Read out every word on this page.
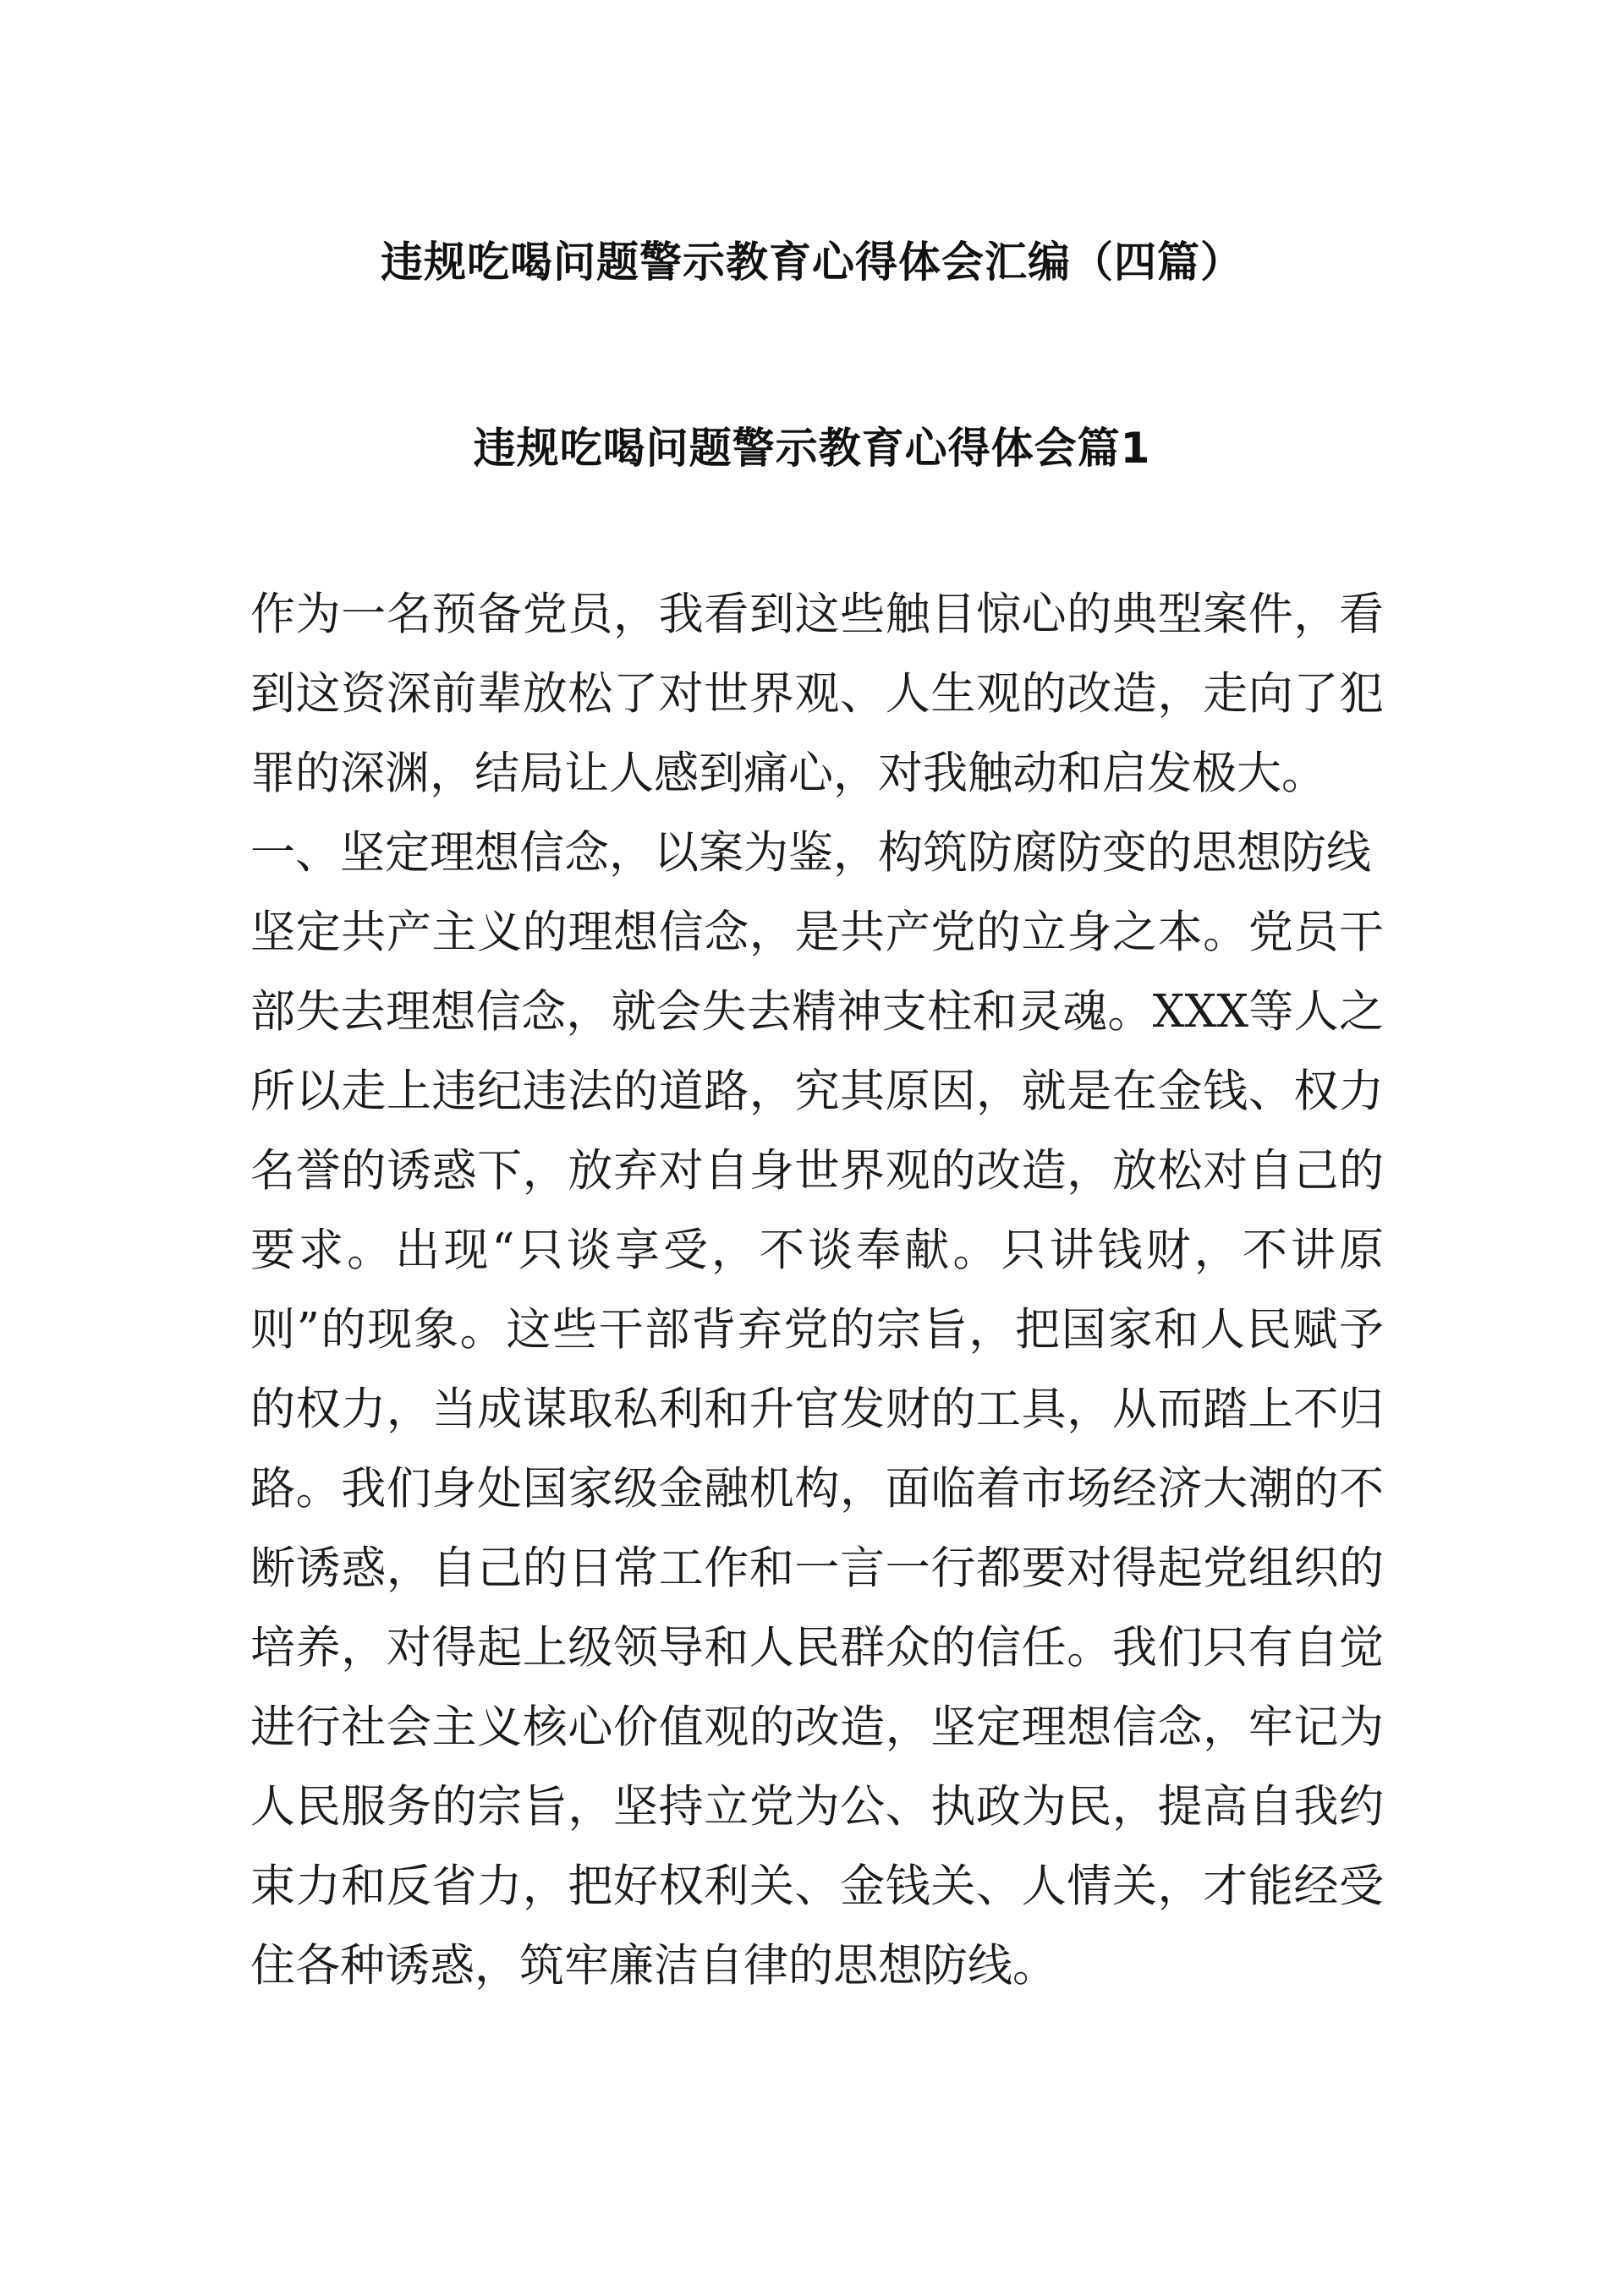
违规吃喝问题警示教育心得体会汇编（四篇）
违规吃喝问题警示教育心得体会篇1

作为一名预备党员，我看到这些触目惊心的典型案件，看到这资深前辈放松了对世界观、人生观的改造，走向了犯罪的深渊，结局让人感到痛心，对我触动和启发极大。

一、坚定理想信念，以案为鉴，构筑防腐防变的思想防线

坚定共产主义的理想信念，是共产党的立身之本。党员干部失去理想信念，就会失去精神支柱和灵魂。XXX等人之所以走上违纪违法的道路，究其原因，就是在金钱、权力名誉的诱惑下，放弃对自身世界观的改造，放松对自己的要求。出现“只谈享受，不谈奉献。只讲钱财，不讲原则”的现象。这些干部背弃党的宗旨，把国家和人民赋予的权力，当成谋取私利和升官发财的工具，从而踏上不归路。我们身处国家级金融机构，面临着市场经济大潮的不断诱惑，自己的日常工作和一言一行都要对得起党组织的培养，对得起上级领导和人民群众的信任。我们只有自觉进行社会主义核心价值观的改造，坚定理想信念，牢记为人民服务的宗旨，坚持立党为公、执政为民，提高自我约束力和反省力，把好权利关、金钱关、人情关，才能经受住各种诱惑，筑牢廉洁自律的思想防线。
